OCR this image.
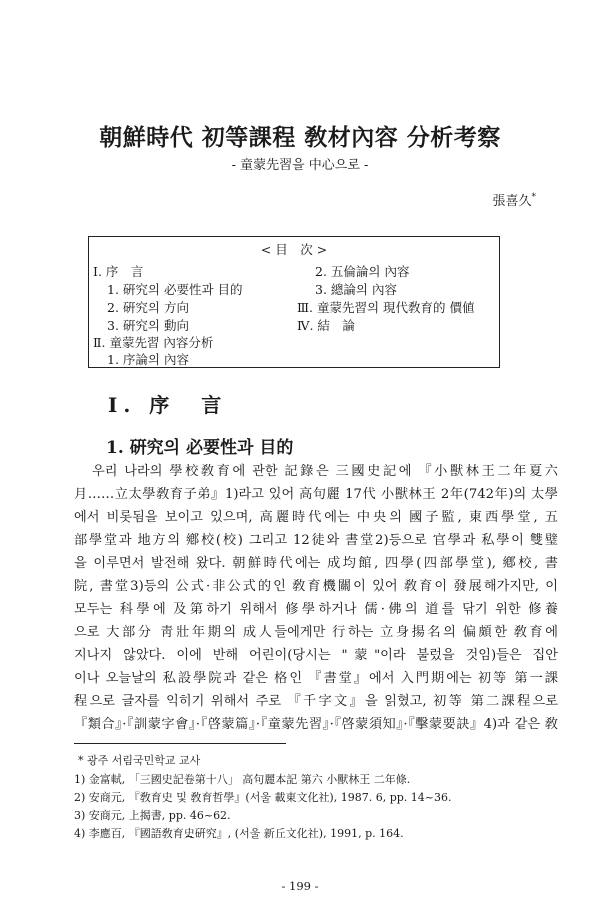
朝鮮時代 初等課程 敎材內容 分析考察
- 童蒙先習을 中心으로 -
張喜久*
< 目　次 >
Ⅰ. 序　言
1. 硏究의 必要性과 目的
2. 硏究의 方向
3. 硏究의 動向
Ⅱ. 童蒙先習 內容分析
1. 序論의 內容
2. 五倫論의 內容
3. 總論의 內容
Ⅲ. 童蒙先習의 現代敎育的 價値
Ⅳ. 結　論
Ⅰ. 序　言
1. 硏究의 必要性과 目的
우리 나라의 學校敎育에 관한 記錄은 三國史記에 『小獸林王二年夏六
月……立太學敎育子弟』1)라고 있어 高句麗 17代 小獸林王 2年(742年)의 太學
에서 비롯됨을 보이고 있으며, 高麗時代에는 中央의 國子監, 東西學堂, 五
部學堂과 地方의 鄕校(校) 그리고 12徒와 書堂2)등으로 官學과 私學이 雙璧
을 이루면서 발전해 왔다. 朝鮮時代에는 成均館, 四學(四部學堂), 鄕校, 書
院, 書堂3)등의 公式·非公式的인 敎育機關이 있어 敎育이 發展해가지만, 이
모두는 科學에 及第하기 위해서 修學하거나 儒·佛의 道를 닦기 위한 修養
으로 大部分 靑壯年期의 成人들에게만 行하는 立身揚名의 偏頗한 敎育에
지나지 않았다. 이에 반해 어린이(당시는 "蒙"이라 불렀을 것임)들은 집안
이나 오늘날의 私設學院과 같은 格인 『書堂』에서 入門期에는 初等 第一課
程으로 글자를 익히기 위해서 주로 『千字文』을 읽혔고, 初等 第二課程으로
『類合』·『訓蒙字會』·『啓蒙篇』·『童蒙先習』·『啓蒙須知』·『擊蒙要訣』4)과 같은 敎
* 광주 서림국민학교 교사
1) 金富軾, 「三國史記卷第十八」 高句麗本記 第六 小獸林王 二年條.
2) 安商元, 『敎育史 및 敎育哲學』(서울 載東文化社), 1987. 6, pp. 14~36.
3) 安商元, 上揭書, pp. 46~62.
4) 李應百, 『國語敎育史硏究』, (서울 新丘文化社), 1991, p. 164.
- 199 -
